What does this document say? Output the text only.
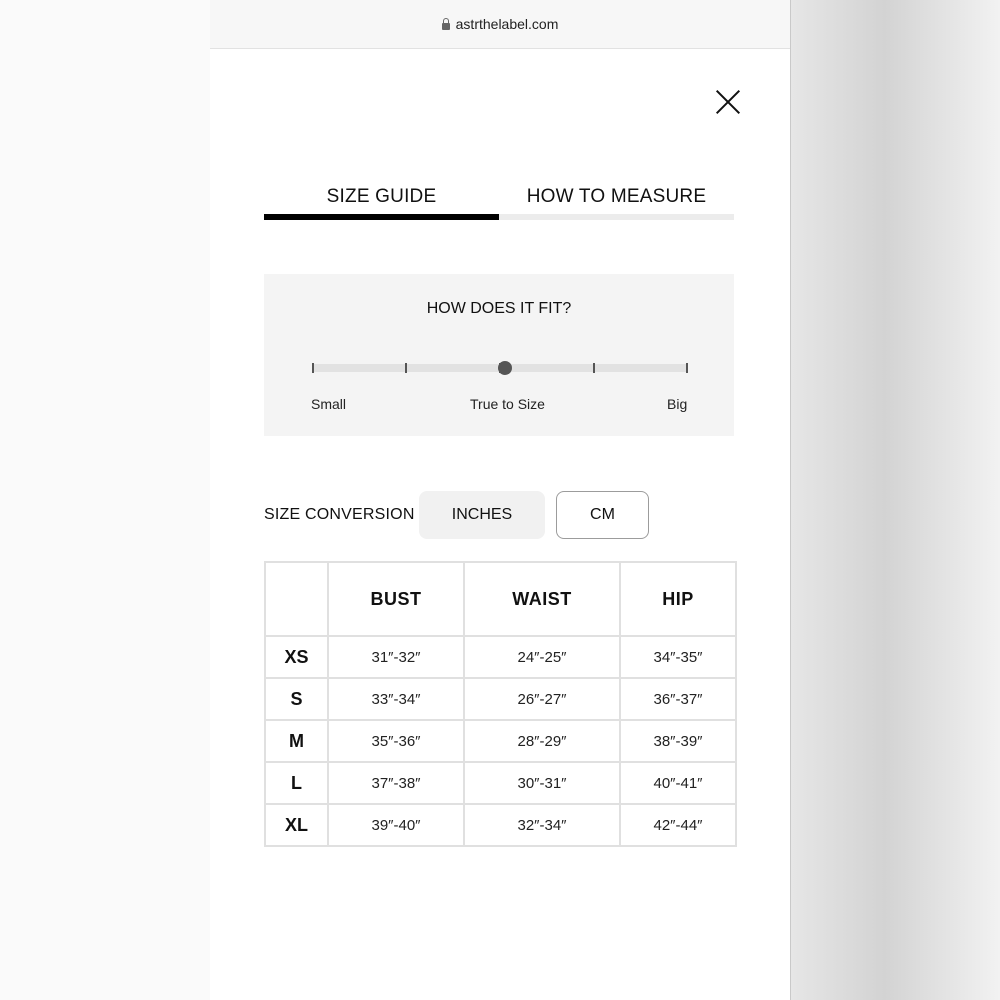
astrthelabel.com
SIZE GUIDE	HOW TO MEASURE
HOW DOES IT FIT?
Small	True to Size	Big
SIZE CONVERSION	INCHES	CM
	BUST	WAIST	HIP
XS	31″-32″	24″-25″	34″-35″
S	33″-34″	26″-27″	36″-37″
M	35″-36″	28″-29″	38″-39″
L	37″-38″	30″-31″	40″-41″
XL	39″-40″	32″-34″	42″-44″
